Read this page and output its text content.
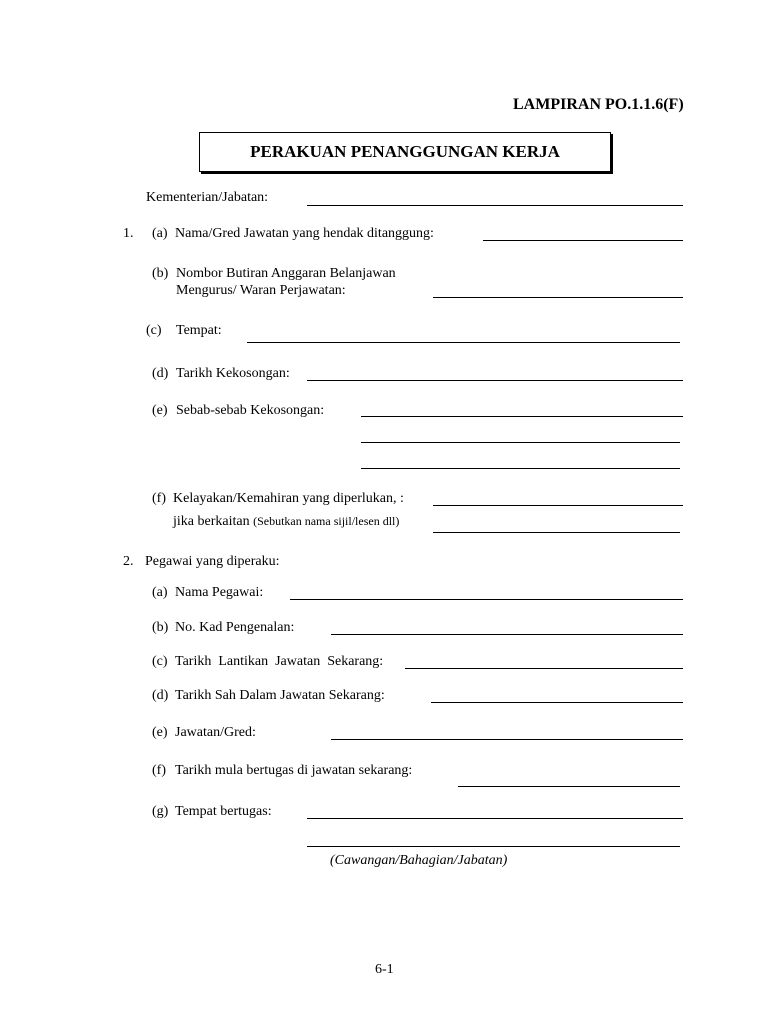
LAMPIRAN PO.1.1.6(F)
PERAKUAN PENANGGUNGAN KERJA
Kementerian/Jabatan:
1. (a) Nama/Gred Jawatan yang hendak ditanggung:
(b) Nombor Butiran Anggaran Belanjawan
Mengurus/ Waran Perjawatan:
(c) Tempat:
(d) Tarikh Kekosongan:
(e) Sebab-sebab Kekosongan:
(f) Kelayakan/Kemahiran yang diperlukan, :
jika berkaitan (Sebutkan nama sijil/lesen dll)
2. Pegawai yang diperaku:
(a) Nama Pegawai:
(b) No. Kad Pengenalan:
(c) Tarikh  Lantikan  Jawatan  Sekarang:
(d) Tarikh Sah Dalam Jawatan Sekarang:
(e) Jawatan/Gred:
(f) Tarikh mula bertugas di jawatan sekarang:
(g) Tempat bertugas:
(Cawangan/Bahagian/Jabatan)
6-1
